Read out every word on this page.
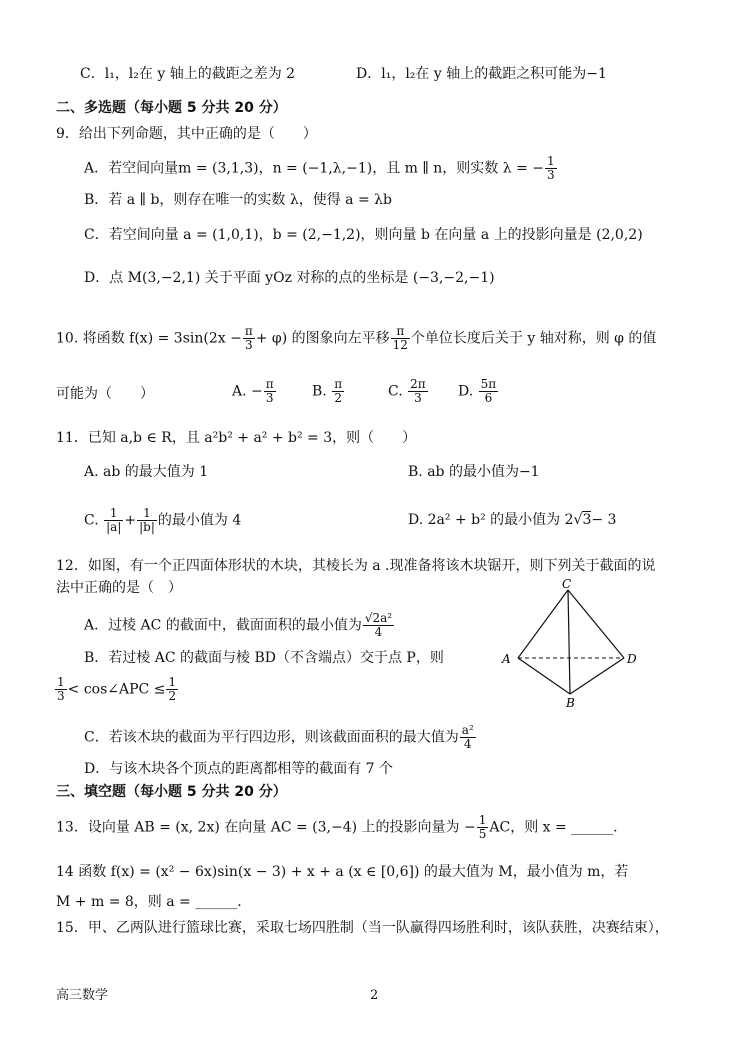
C．l₁，l₂在 y 轴上的截距之差为 2	D．l₁，l₂在 y 轴上的截距之积可能为−1
二、多选题（每小题 5 分共 20 分）
9．给出下列命题，其中正确的是（　　）
A．若空间向量m = (3,1,3)，n = (−1,λ,−1)，且 m ∥ n，则实数 λ = − $\frac{1}{3}$
B．若 a ∥ b，则存在唯一的实数 λ，使得 a = λb
C．若空间向量 a = (1,0,1)，b = (2,−1,2)，则向量 b 在向量 a 上的投影向量是 (2,0,2)
D．点 M(3,−2,1) 关于平面 yOz 对称的点的坐标是 (−3,−2,−1)
10. 将函数 $f(x) = 3\sin(2x - \frac{\pi}{3} + \varphi)$ 的图象向左平移 $\frac{\pi}{12}$ 个单位长度后关于 y 轴对称，则 φ 的值
可能为（　　）	A. − $\frac{\pi}{3}$	B. $\frac{\pi}{2}$	C. $\frac{2\pi}{3} D$. $\frac{5\pi}{6}$
11．已知 a,b ∈ R，且 a²b² + a² + b² = 3，则（　　）
A. ab 的最大值为 1	B. ab 的最小值为−1
C. $\frac{1}{|a|} + \frac{1}{|b|}$ 的最小值为 4	D. 2a² + b² 的最小值为 2√3− 3
12．如图，有一个正四面体形状的木块，其棱长为 a .现准备将该木块锯开，则下列关于截面的说
法中正确的是（　）
A．过棱 AC 的截面中，截面面积的最小值为 $\frac{\text{√2a²}}{4}$
B．若过棱 AC 的截面与棱 BD（不含端点）交于点 P，则
$\frac{1}{3}$ < cos∠APC ≤ $\frac{1}{2}$
C．若该木块的截面为平行四边形，则该截面面积的最大值为 $\frac{\text{a²}}{4}$
D．与该木块各个顶点的距离都相等的截面有 7 个
C
A	D
B
三、填空题（每小题 5 分共 20 分）
13．设向量 AB = (x, 2x) 在向量 AC = (3,−4) 上的投影向量为 − $\frac{1}{5}$ AC，则 x = ______.
14 函数 f(x) = (x² − 6x)sin(x − 3) + x + a (x ∈ [0,6]) 的最大值为 M，最小值为 m，若
M + m = 8，则 a = ______.
15．甲、乙两队进行篮球比赛，采取七场四胜制（当一队赢得四场胜利时，该队获胜，决赛结束），
高三数学	2
